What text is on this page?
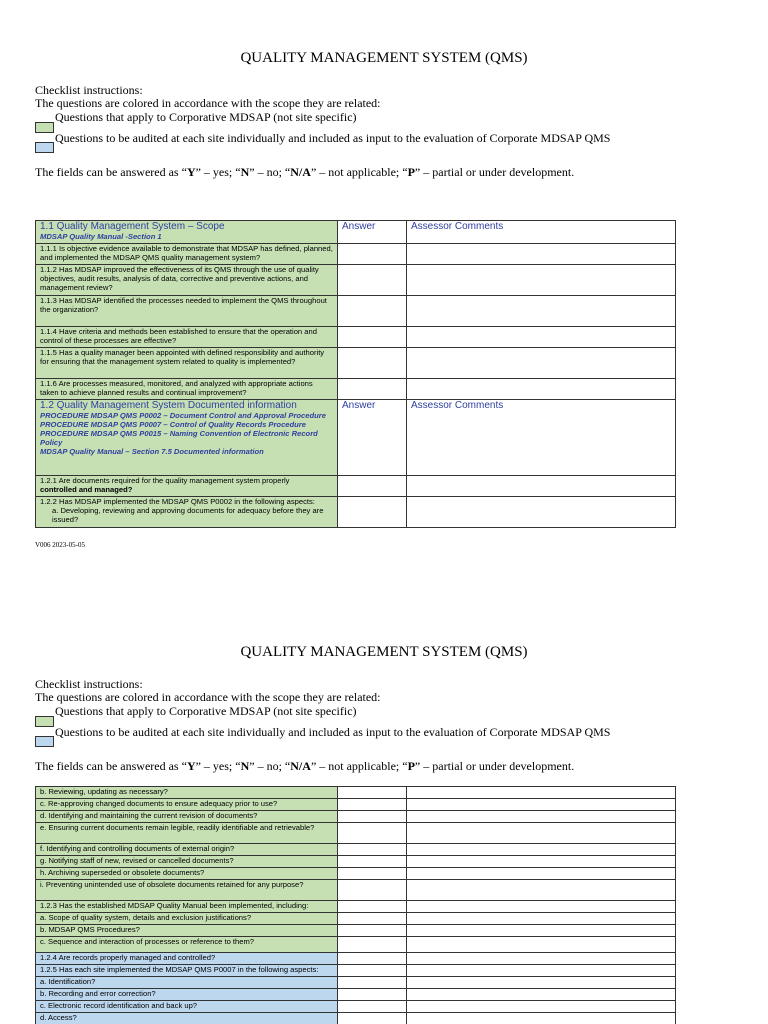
QUALITY MANAGEMENT SYSTEM (QMS)
Checklist instructions:
The questions are colored in accordance with the scope they are related:
Questions that apply to Corporative MDSAP (not site specific)
Questions to be audited at each site individually and included as input to the evaluation of Corporate MDSAP QMS
The fields can be answered as “Y” – yes; “N” – no; “N/A” – not applicable; “P” – partial or under development.
1.1 Quality Management System – Scope
MDSAP Quality Manual -Section 1	Answer	Assessor Comments

1.1.1 Is objective evidence available to demonstrate that MDSAP has defined, planned, and implemented the MDSAP QMS quality management system?		
1.1.2 Has MDSAP improved the effectiveness of its QMS through the use of quality objectives, audit results, analysis of data, corrective and preventive actions, and management review?		
1.1.3 Has MDSAP identified the processes needed to implement the QMS throughout the organization?		
1.1.4 Have criteria and methods been established to ensure that the operation and control of these processes are effective?		
1.1.5 Has a quality manager been appointed with defined responsibility and authority for ensuring that the management system related to quality is implemented?		
1.1.6 Are processes measured, monitored, and analyzed with appropriate actions taken to achieve planned results and continual improvement?		

1.2 Quality Management System Documented information
PROCEDURE MDSAP QMS P0002 – Document Control and Approval Procedure
PROCEDURE MDSAP QMS P0007 – Control of Quality Records Procedure
PROCEDURE MDSAP QMS P0015 – Naming Convention of Electronic Record Policy
MDSAP Quality Manual – Section 7.5 Documented information	Answer	Assessor Comments

1.2.1 Are documents required for the quality management system properly
controlled and managed?		

1.2.2 Has MDSAP implemented the MDSAP QMS P0002 in the following aspects:
a. Developing, reviewing and approving documents for adequacy before they are issued?		

V006 2023-05-05
QUALITY MANAGEMENT SYSTEM (QMS)
Checklist instructions:
The questions are colored in accordance with the scope they are related:
Questions that apply to Corporative MDSAP (not site specific)
Questions to be audited at each site individually and included as input to the evaluation of Corporate MDSAP QMS
The fields can be answered as “Y” – yes; “N” – no; “N/A” – not applicable; “P” – partial or under development.
b. Reviewing, updating as necessary?		
c. Re-approving changed documents to ensure adequacy prior to use?		
d. Identifying and maintaining the current revision of documents?		
e. Ensuring current documents remain legible, readily identifiable and retrievable?		
f. Identifying and controlling documents of external origin?		
g. Notifying staff of new, revised or cancelled documents?		
h. Archiving superseded or obsolete documents?		
i. Preventing unintended use of obsolete documents retained for any purpose?		
1.2.3 Has the established MDSAP Quality Manual been implemented, including:		
a. Scope of quality system, details and exclusion justifications?		
b. MDSAP QMS Procedures?		
c. Sequence and interaction of processes or reference to them?		
1.2.4 Are records properly managed and controlled?		
1.2.5 Has each site implemented the MDSAP QMS P0007 in the following aspects:		
a. Identification?		
b. Recording and error correction?		
c. Electronic record identification and back up?		
d. Access?		
